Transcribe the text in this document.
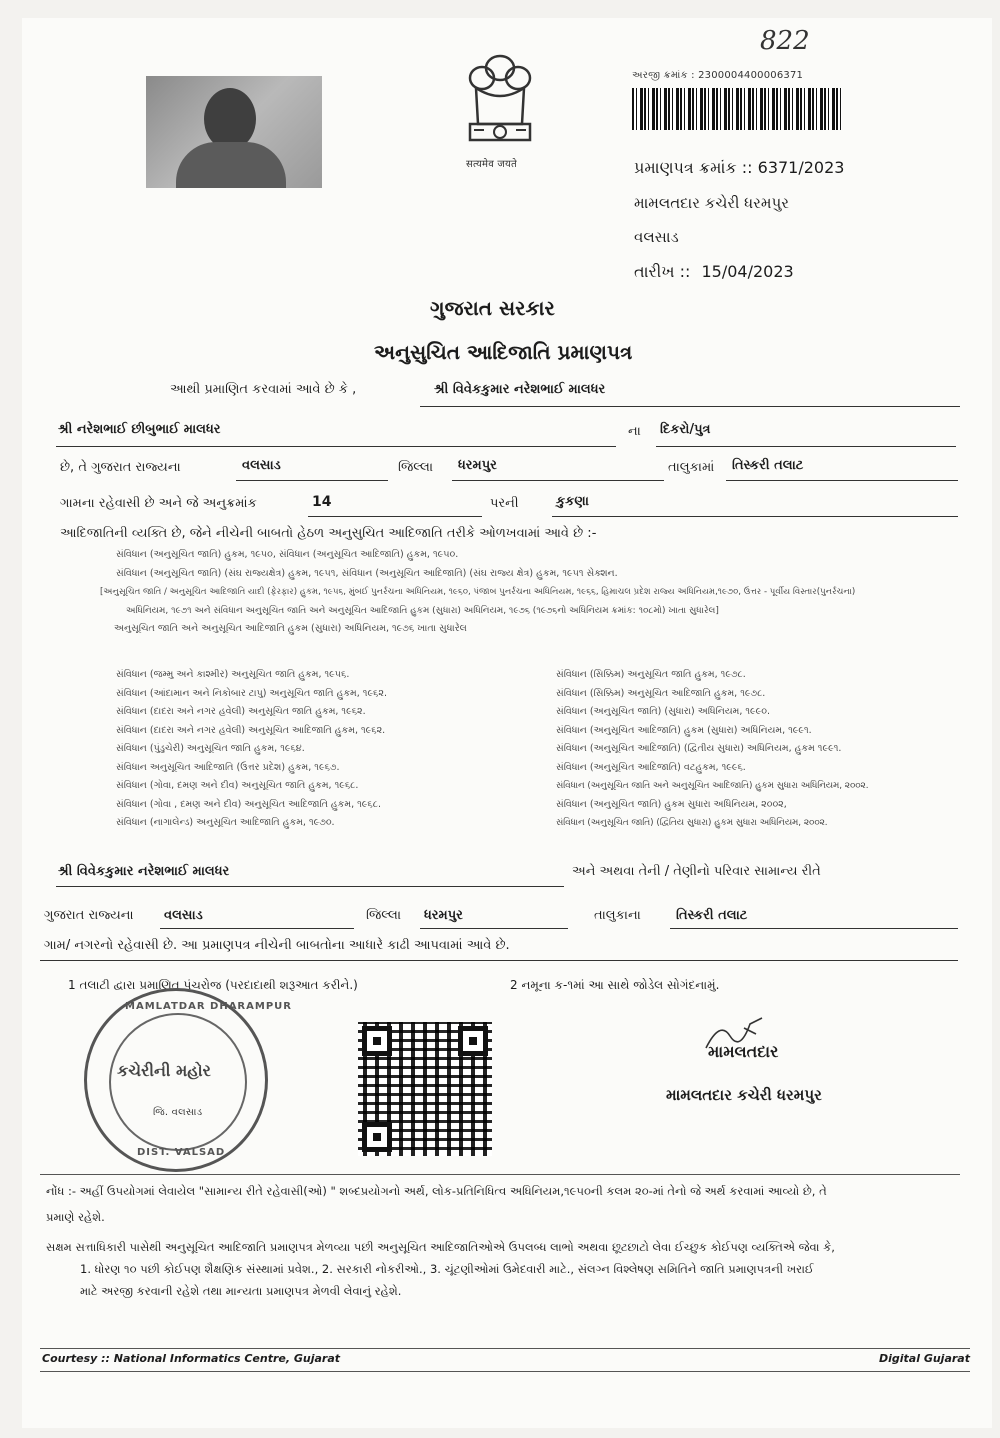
822
सत्यमेव जयते
અરજી ક્રમાંક : 2300004400006371
પ્રમાણપત્ર ક્રમાંક :: 6371/2023
મામલતદાર કચેરી ધરમપુર
વલસાડ
તારીખ :: 15/04/2023
ગુજરાત સરકાર
અનુસુચિત આદિજાતિ પ્રમાણપત્ર
આથી પ્રમાણિત કરવામાં આવે છે કે ,	શ્રી વિવેકકુમાર નરેશભાઈ માલધર
શ્રી નરેશભાઈ છીબુભાઈ માલધર	ના દિકરો/પુત્ર
છે, તે ગુજરાત રાજ્યના	વલસાડ	જિલ્લા ધરમપુર	તાલુકામાં તિસ્કરી તલાટ
ગામના રહેવાસી છે અને જે અનુક્રમાંક	14	પરની	કુકણા
આદિજાતિની વ્યક્તિ છે, જેને નીચેની બાબતો હેઠળ અનુસુચિત આદિજાતિ તરીકે ઓળખવામાં આવે છે :-
સંવિધાન (અનુસૂચિત જાતિ) હુકમ, ૧૯૫૦, સંવિધાન (અનુસૂચિત આદિજાતિ) હુકમ, ૧૯૫૦.
સંવિધાન (અનુસૂચિત જાતિ) (સંઘ રાજ્યક્ષેત્ર) હુકમ, ૧૯૫૧, સંવિધાન (અનુસૂચિત આદિજાતિ) (સંઘ રાજ્ય ક્ષેત્ર) હુકમ, ૧૯૫૧ સેક્શન.
[અનુસૂચિત જાતિ / અનુસૂચિત આદિજાતિ યાદી (ફેરફાર) હુકમ, ૧૯૫૬, મુંબઈ પુનર્રચના અધિનિયમ, ૧૯૬૦, પંજાબ પુનર્રચના અધિનિયમ, ૧૯૬૬, હિમાચલ પ્રદેશ રાજ્ય અધિનિયમ,૧૯૭૦, ઉત્તર - પૂર્વીય વિસ્તાર(પુનર્રચના)
અધિનિયમ, ૧૯૭૧ અને સંવિધાન અનુસૂચિત જાતિ અને અનુસૂચિત આદિજાતિ હુકમ (સુધારા) અધિનિયમ, ૧૯૭૬ (૧૯૭૬નો અધિનિયમ ક્રમાંક: ૧૦૮મો) ખાતા સુધારેલ]
અનુસૂચિત જાતિ અને અનુસૂચિત આદિજાતિ હુકમ (સુધારા) અધિનિયમ, ૧૯૭૬ ખાતા સુધારેલ
સંવિધાન (જમ્મુ અને કાશ્મીર) અનુસૂચિત જાતિ હુકમ, ૧૯૫૬.
સંવિધાન (આંદામાન અને નિકોબાર ટાપુ) અનુસૂચિત જાતિ હુકમ, ૧૯૬૨.
સંવિધાન (દાદરા અને નગર હવેલી) અનુસૂચિત જાતિ હુકમ, ૧૯૬૨.
સંવિધાન (દાદરા અને નગર હવેલી) અનુસૂચિત આદિજાતિ હુકમ, ૧૯૬૨.
સંવિધાન (પુંડુચેરી) અનુસૂચિત જાતિ હુકમ, ૧૯૬૪.
સંવિધાન અનુસૂચિત આદિજાતિ (ઉત્તર પ્રદેશ) હુકમ, ૧૯૬૭.
સંવિધાન (ગોવા, દમણ અને દીવ) અનુસૂચિત જાતિ હુકમ, ૧૯૬૮.
સંવિધાન (ગોવા , દમણ અને દીવ) અનુસૂચિત આદિજાતિ હુકમ, ૧૯૬૮.
સંવિધાન (નાગાલેન્ડ) અનુસૂચિત આદિજાતિ હુકમ, ૧૯૭૦.
સંવિધાન (સિક્કિમ) અનુસૂચિત જાતિ હુકમ, ૧૯૭૮.
સંવિધાન (સિક્કિમ) અનુસૂચિત આદિજાતિ હુકમ, ૧૯૭૮.
સંવિધાન (અનુસૂચિત જાતિ) (સુધારા) અધિનિયમ, ૧૯૯૦.
સંવિધાન (અનુસૂચિત આદિજાતિ) હુકમ (સુધારા) અધિનિયમ, ૧૯૯૧.
સંવિધાન (અનુસૂચિત આદિજાતિ) (દ્વિતીય સુધારા) અધિનિયમ, હુકમ ૧૯૯૧.
સંવિધાન (અનુસૂચિત આદિજાતિ) વટહુકમ, ૧૯૯૬.
સંવિધાન (અનુસૂચિત જાતિ અને અનુસૂચિત આદિજાતિ) હુકમ સુધારા અધિનિયમ, ૨૦૦૨.
સંવિધાન (અનુસૂચિત જાતિ) હુકમ સુધારા અધિનિયમ, ૨૦૦૨,
સંવિધાન (અનુસૂચિત જાતિ) (દ્વિતિય સુધારા) હુકમ સુધારા અધિનિયમ, ૨૦૦૨.
શ્રી વિવેકકુમાર નરેશભાઈ માલધર	અને અથવા તેની / તેણીનો પરિવાર સામાન્ય રીતે
ગુજરાત રાજ્યના વલસાડ	જિલ્લા ધરમપુર	તાલુકાના	તિસ્કરી તલાટ
ગામ/ નગરનો રહેવાસી છે. આ પ્રમાણપત્ર નીચેની બાબતોના આધારે કાઢી આપવામાં આવે છે.
1 તલાટી દ્વારા પ્રમાણિત પંચરોજ (પરદાદાથી શરૂઆત કરીને.)	2 નમૂના ક-૧માં આ સાથે જોડેલ સોગંદનામું.
MAMLATDAR DHARAMPUR
કચેરીની મહોર
જિ. વલસાડ
DIST. VALSAD
મામલતદાર
મામલતદાર કચેરી ધરમપુર
નોંધ :- અહીં ઉપયોગમાં લેવાયેલ "સામાન્ય રીતે રહેવાસી(ઓ) " શબ્દપ્રયોગનો અર્થ, લોક-પ્રતિનિધિત્વ અધિનિયમ,૧૯૫૦ની કલમ ૨૦-માં તેનો જે અર્થ કરવામાં આવ્યો છે, તે
પ્રમાણે રહેશે.
સક્ષમ સત્તાધિકારી પાસેથી અનુસૂચિત આદિજાતિ પ્રમાણપત્ર મેળવ્યા પછી અનુસૂચિત આદિજાતિઓએ ઉપલબ્ધ લાભો અથવા છૂટછાટો લેવા ઈચ્છુક કોઈપણ વ્યક્તિએ જેવા કે,
1. ધોરણ ૧૦ પછી કોઈપણ શૈક્ષણિક સંસ્થામાં પ્રવેશ., 2. સરકારી નોકરીઓ., 3. ચૂંટણીઓમાં ઉમેદવારી માટે., સંલગ્ન વિશ્લેષણ સમિતિને જાતિ પ્રમાણપત્રની ખરાઈ
માટે અરજી કરવાની રહેશે તથા માન્યતા પ્રમાણપત્ર મેળવી લેવાનું રહેશે.
Courtesy :: National Informatics Centre, Gujarat	Digital Gujarat
